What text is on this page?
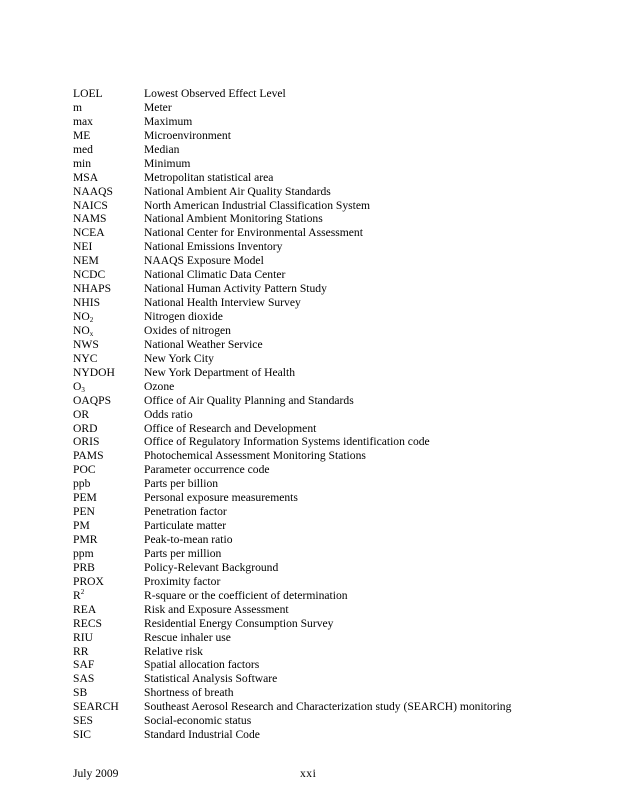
LOEL	Lowest Observed Effect Level
m	Meter
max	Maximum
ME	Microenvironment
med	Median
min	Minimum
MSA	Metropolitan statistical area
NAAQS	National Ambient Air Quality Standards
NAICS	North American Industrial Classification System
NAMS	National Ambient Monitoring Stations
NCEA	National Center for Environmental Assessment
NEI	National Emissions Inventory
NEM	NAAQS Exposure Model
NCDC	National Climatic Data Center
NHAPS	National Human Activity Pattern Study
NHIS	National Health Interview Survey
$NO_2$	Nitrogen dioxide
$NO_x$	Oxides of nitrogen
NWS	National Weather Service
NYC	New York City
NYDOH	New York Department of Health
$O_3$	Ozone
OAQPS	Office of Air Quality Planning and Standards
OR	Odds ratio
ORD	Office of Research and Development
ORIS	Office of Regulatory Information Systems identification code
PAMS	Photochemical Assessment Monitoring Stations
POC	Parameter occurrence code
ppb	Parts per billion
PEM	Personal exposure measurements
PEN	Penetration factor
PM	Particulate matter
PMR	Peak-to-mean ratio
ppm	Parts per million
PRB	Policy-Relevant Background
PROX	Proximity factor
$R^2$	R-square or the coefficient of determination
REA	Risk and Exposure Assessment
RECS	Residential Energy Consumption Survey
RIU	Rescue inhaler use
RR	Relative risk
SAF	Spatial allocation factors
SAS	Statistical Analysis Software
SB	Shortness of breath
SEARCH Southeast Aerosol Research and Characterization study (SEARCH) monitoring
SES	Social-economic status
SIC	Standard Industrial Code
July 2009	xxi
